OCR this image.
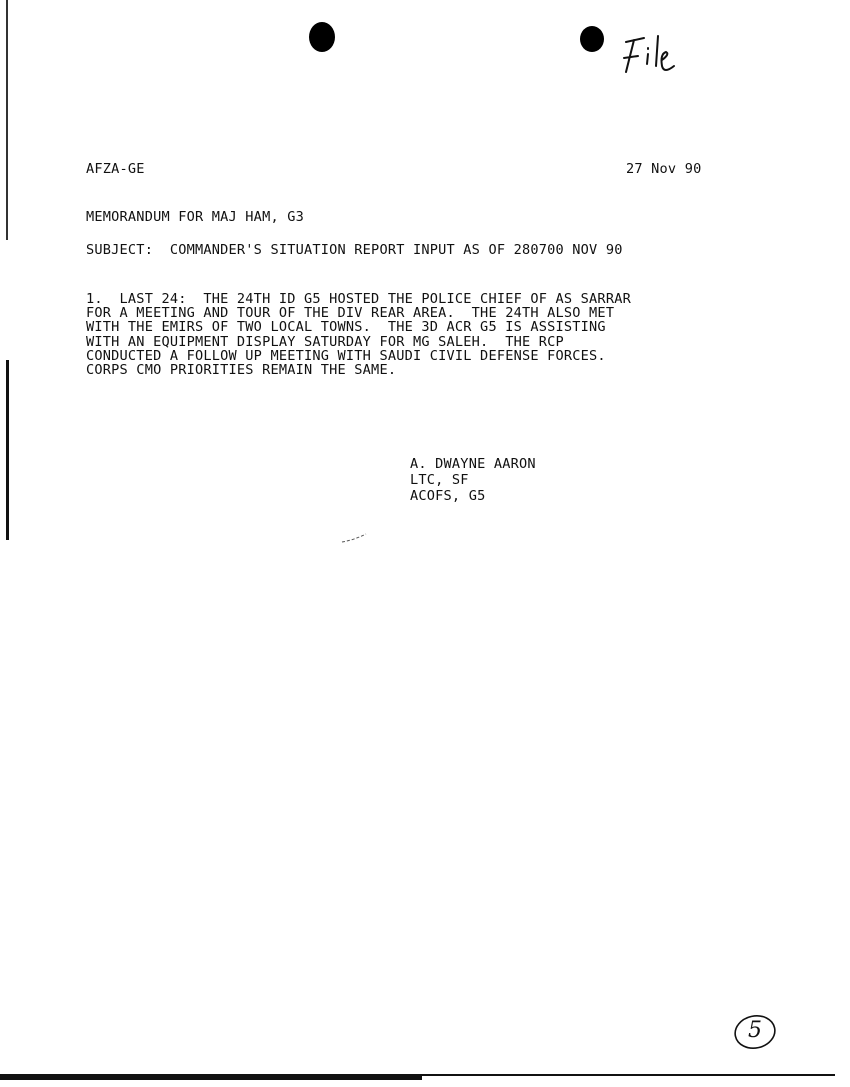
AFZA-GE	27 Nov 90
MEMORANDUM FOR MAJ HAM, G3
SUBJECT:  COMMANDER'S SITUATION REPORT INPUT AS OF 280700 NOV 90
1.  LAST 24:  THE 24TH ID G5 HOSTED THE POLICE CHIEF OF AS SARRAR
FOR A MEETING AND TOUR OF THE DIV REAR AREA.  THE 24TH ALSO MET
WITH THE EMIRS OF TWO LOCAL TOWNS.  THE 3D ACR G5 IS ASSISTING
WITH AN EQUIPMENT DISPLAY SATURDAY FOR MG SALEH.  THE RCP
CONDUCTED A FOLLOW UP MEETING WITH SAUDI CIVIL DEFENSE FORCES.
CORPS CMO PRIORITIES REMAIN THE SAME.
A. DWAYNE AARON
LTC, SF
ACOFS, G5
5
